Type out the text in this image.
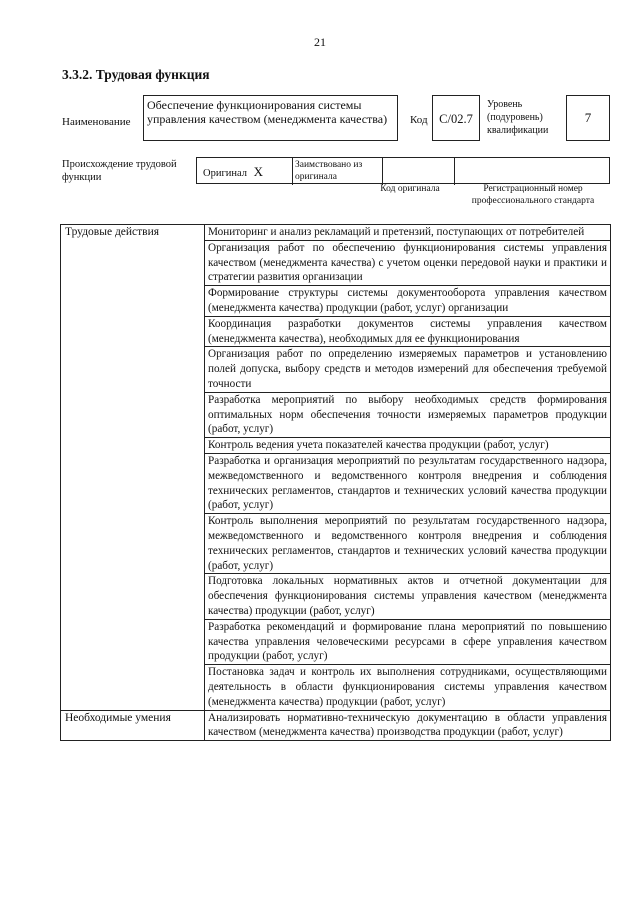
21
3.3.2. Трудовая функция
Наименование
Обеспечение функционирования системы управления качеством (менеджмента качества)	Код С/02.7
Уровень (подуровень) квалификации
7
Происхождение трудовой функции	Оригинал X	Заимствовано из оригинала
Код оригинала	Регистрационный номер профессионального стандарта
Трудовые действия	Мониторинг и анализ рекламаций и претензий, поступающих от потребителей
	Организация работ по обеспечению функционирования системы управления качеством (менеджмента качества) с учетом оценки передовой науки и практики и стратегии развития организации
	Формирование структуры системы документооборота управления качеством (менеджмента качества) продукции (работ, услуг) организации
	Координация разработки документов системы управления качеством (менеджмента качества), необходимых для ее функционирования
	Организация работ по определению измеряемых параметров и установлению полей допуска, выбору средств и методов измерений для обеспечения требуемой точности
	Разработка мероприятий по выбору необходимых средств формирования оптимальных норм обеспечения точности измеряемых параметров продукции (работ, услуг)
	Контроль ведения учета показателей качества продукции (работ, услуг)
	Разработка и организация мероприятий по результатам государственного надзора, межведомственного и ведомственного контроля внедрения и соблюдения технических регламентов, стандартов и технических условий качества продукции (работ, услуг)
	Контроль выполнения мероприятий по результатам государственного надзора, межведомственного и ведомственного контроля внедрения и соблюдения технических регламентов, стандартов и технических условий качества продукции (работ, услуг)
	Подготовка локальных нормативных актов и отчетной документации для обеспечения функционирования системы управления качеством (менеджмента качества) продукции (работ, услуг)
	Разработка рекомендаций и формирование плана мероприятий по повышению качества управления человеческими ресурсами в сфере управления качеством продукции (работ, услуг)
	Постановка задач и контроль их выполнения сотрудниками, осуществляющими деятельность в области функционирования системы управления качеством (менеджмента качества) продукции (работ, услуг)
Необходимые умения	Анализировать нормативно-техническую документацию в области управления качеством (менеджмента качества) производства продукции (работ, услуг)
